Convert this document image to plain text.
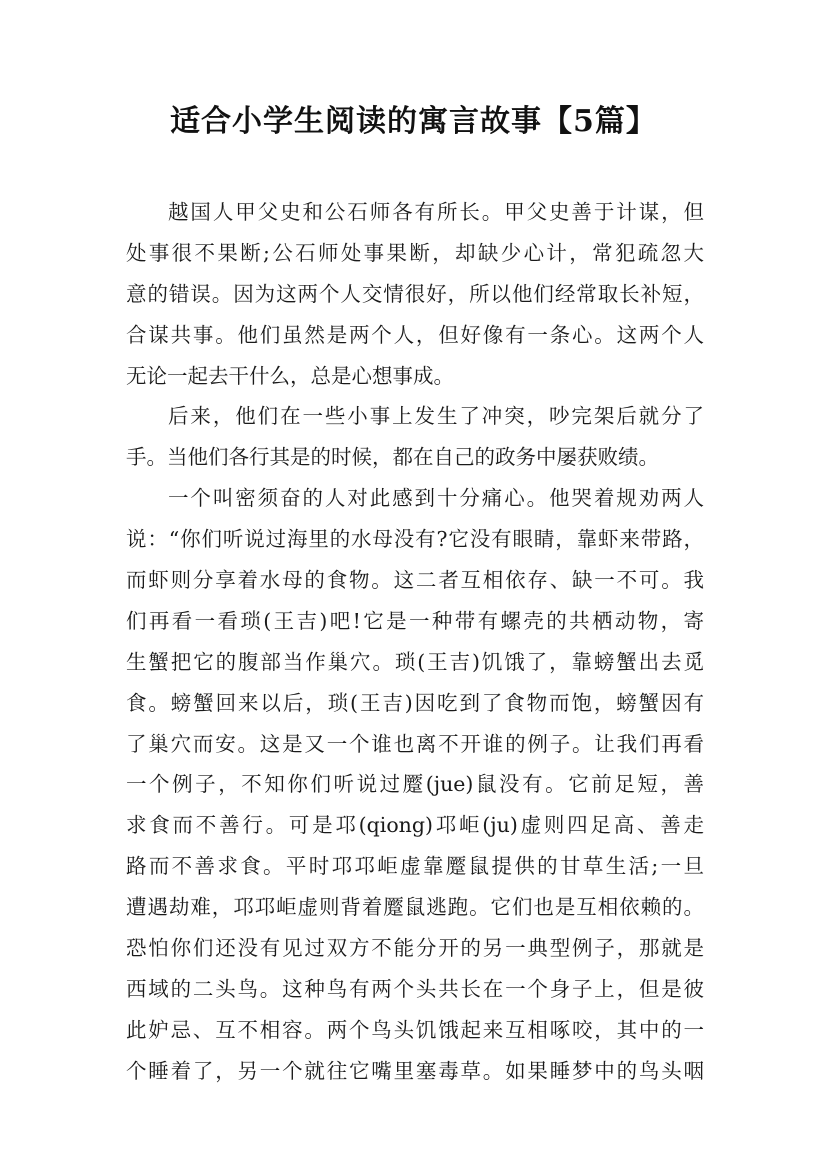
适合小学生阅读的寓言故事【5篇】
越国人甲父史和公石师各有所长。甲父史善于计谋，但
处事很不果断;公石师处事果断，却缺少心计，常犯疏忽大
意的错误。因为这两个人交情很好，所以他们经常取长补短，
合谋共事。他们虽然是两个人，但好像有一条心。这两个人
无论一起去干什么，总是心想事成。
后来，他们在一些小事上发生了冲突，吵完架后就分了
手。当他们各行其是的时候，都在自己的政务中屡获败绩。
一个叫密须奋的人对此感到十分痛心。他哭着规劝两人
说：“你们听说过海里的水母没有?它没有眼睛，靠虾来带路，
而虾则分享着水母的食物。这二者互相依存、缺一不可。我
们再看一看琐(王吉)吧!它是一种带有螺壳的共栖动物，寄
生蟹把它的腹部当作巢穴。琐(王吉)饥饿了，靠螃蟹出去觅
食。螃蟹回来以后，琐(王吉)因吃到了食物而饱，螃蟹因有
了巢穴而安。这是又一个谁也离不开谁的例子。让我们再看
一个例子，不知你们听说过蹷(jue)鼠没有。它前足短，善
求食而不善行。可是邛(qiong)邛岠(ju)虚则四足高、善走
路而不善求食。平时邛邛岠虚靠蹷鼠提供的甘草生活;一旦
遭遇劫难，邛邛岠虚则背着蹷鼠逃跑。它们也是互相依赖的。
恐怕你们还没有见过双方不能分开的另一典型例子，那就是
西域的二头鸟。这种鸟有两个头共长在一个身子上，但是彼
此妒忌、互不相容。两个鸟头饥饿起来互相啄咬，其中的一
个睡着了，另一个就往它嘴里塞毒草。如果睡梦中的鸟头咽
